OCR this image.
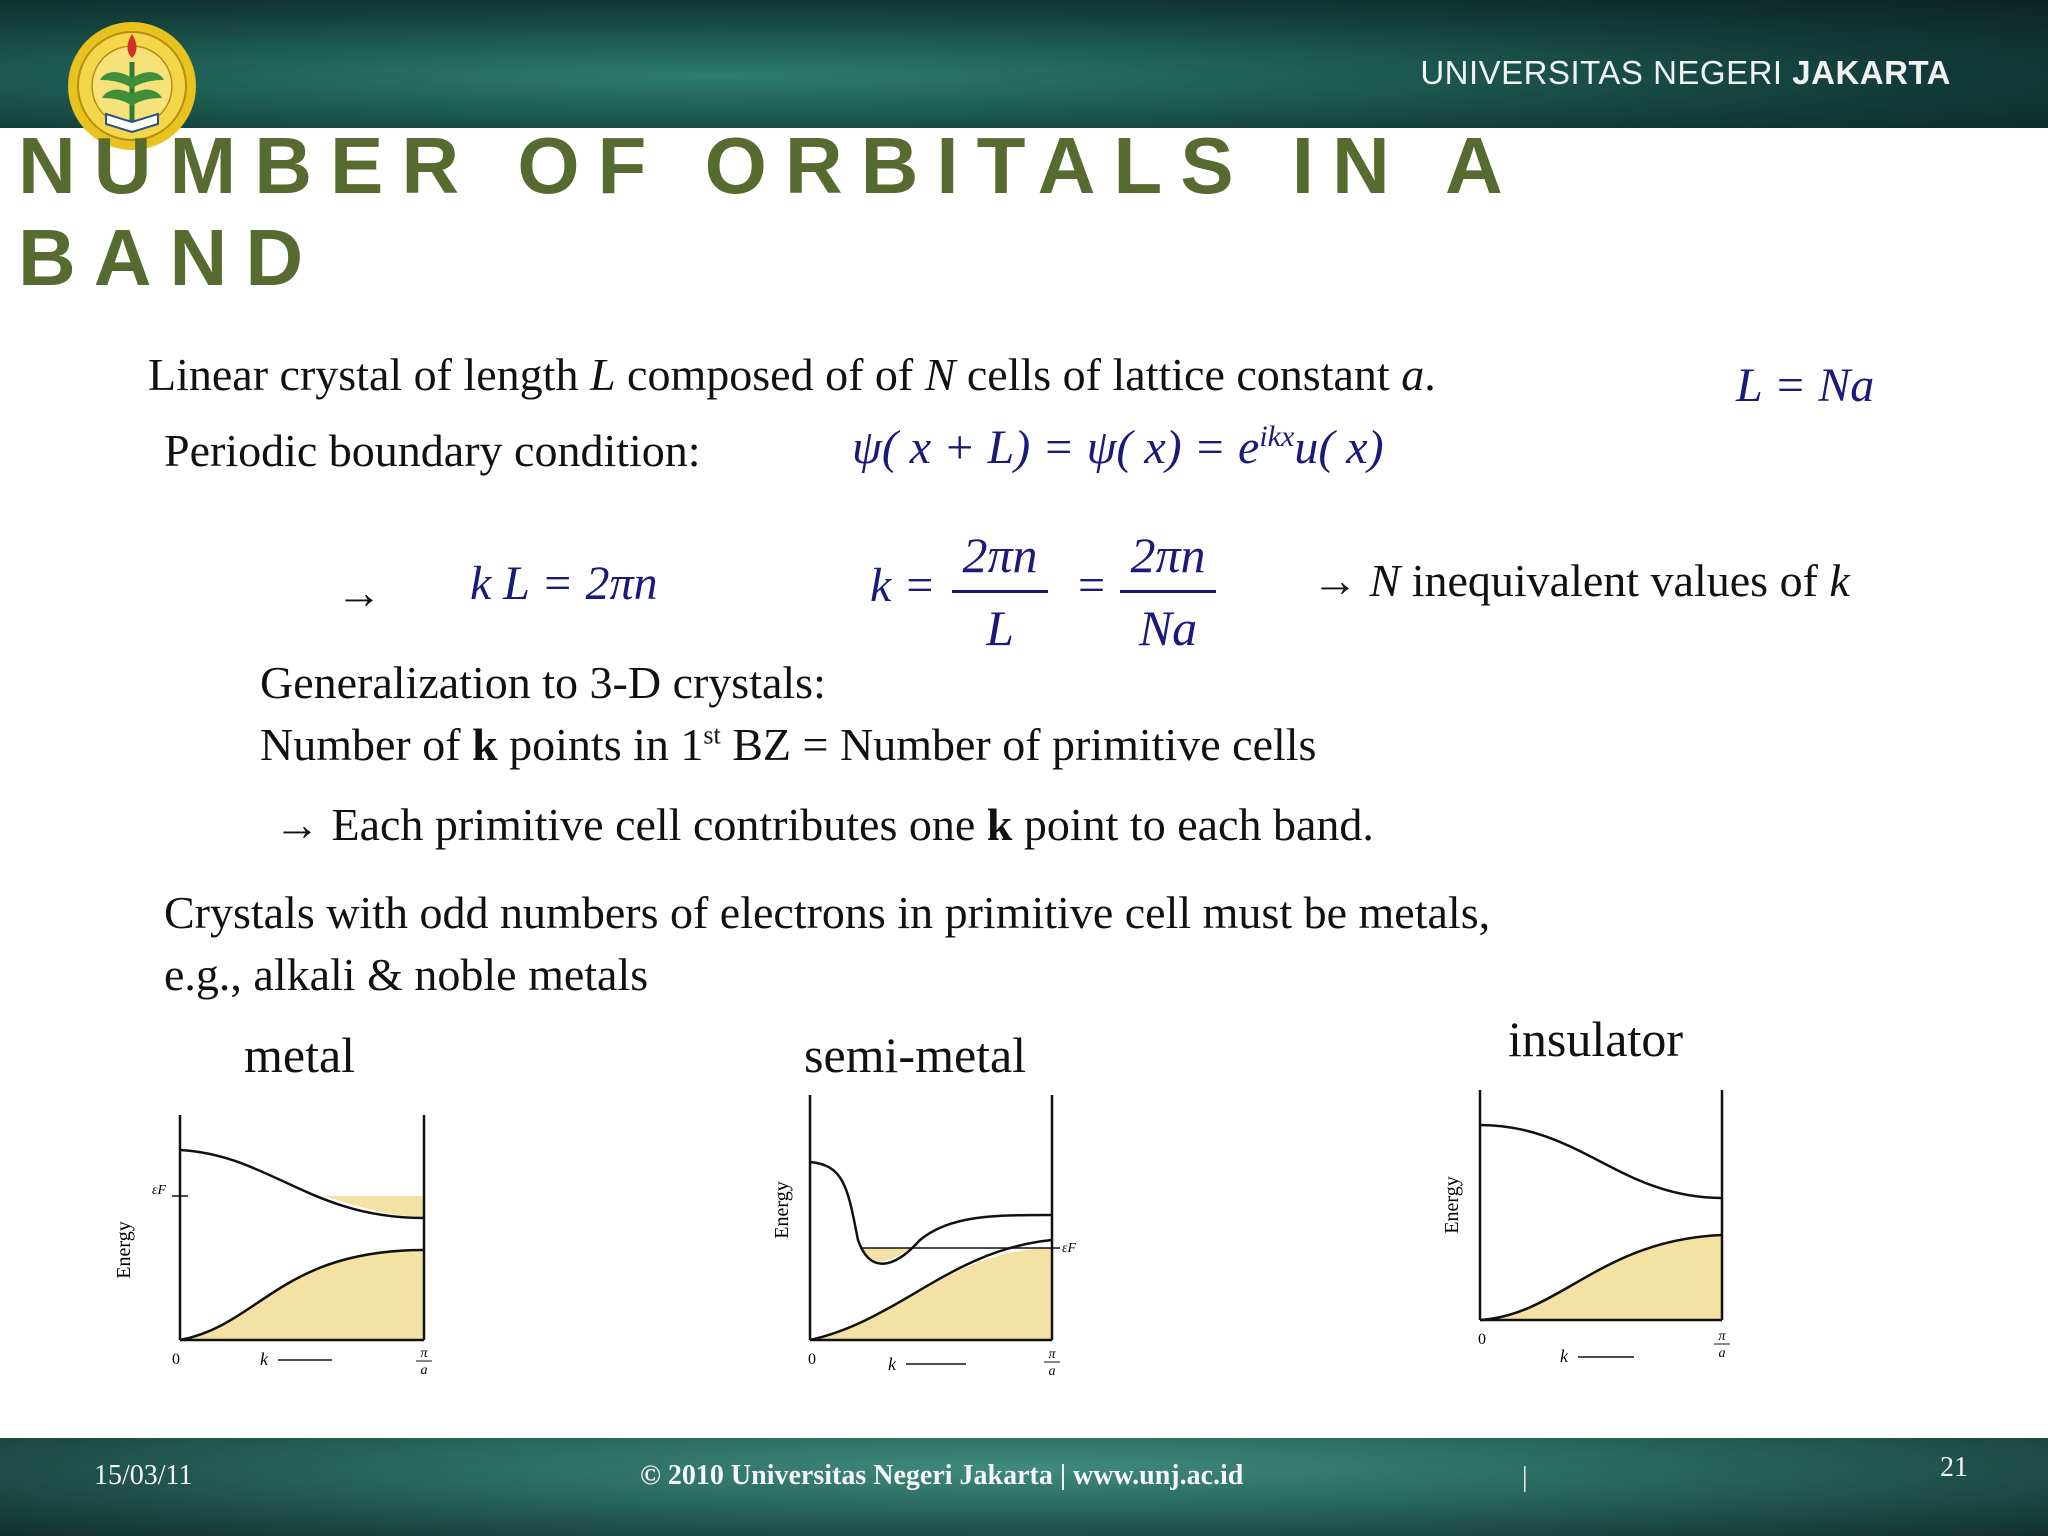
UNIVERSITAS NEGERI JAKARTA
NUMBER OF ORBITALS IN A BAND
Linear crystal of length L composed of of N cells of lattice constant a.	L = Na
Periodic boundary condition:	ψ( x + L) = ψ( $x) = e^{ikx}u$( x)
→ k L = 2πn	$k = \frac{2\pi n}{L} = \frac{2\pi n}{Na} \to N$ inequivalent values of k
Generalization to 3-D crystals:
Number of k points in 1st BZ = Number of primitive cells
→ Each primitive cell contributes one k point to each band.
Crystals with odd numbers of electrons in primitive cell must be metals,
e.g., alkali & noble metals
metal	semi-metal	insulator
εF
Energy
0	k	π
a
εF
Energy
0	k	π
a
Energy
0
k
π
a
15/03/11	© 2010 Universitas Negeri Jakarta | www.unj.ac.id	|	21
